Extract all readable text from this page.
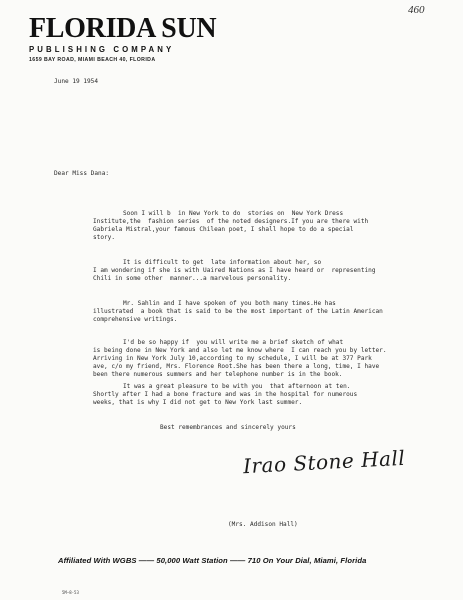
FLORIDA SUN
PUBLISHING COMPANY
1659 BAY ROAD, MIAMI BEACH 40, FLORIDA
460
June 19 1954
Dear Miss Dana:
Soon I will b  in New York to do  stories on  New York Dress
Institute,the  fashion series  of the noted designers.If you are there with
Gabriela Mistral,your famous Chilean poet, I shall hope to do a special
story.
It is difficult to get  late information about her, so
I am wondering if she is with Uaired Nations as I have heard or  representing
Chili in some other  manner...a marvelous personality.
Mr. Sahlin and I have spoken of you both many times.He has
illustrated  a book that is said to be the most important of the Latin American
comprehensive writings.
I'd be so happy if  you will write me a brief sketch of what
is being done in New York and also let me know where  I can reach you by letter.
Arriving in New York July 10,according to my schedule, I will be at 377 Park
ave, c/o my friend, Mrs. Florence Root.She has been there a long, time, I have
been there numerous summers and her telephone number is in the book.
It was a great pleasure to be with you  that afternoon at ten.
Shortly after I had a bone fracture and was in the hospital for numerous
weeks, that is why I did not get to New York last summer.
Best remembrances and sincerely yours
Irao Stone Hall
(Mrs. Addison Hall)
Affiliated With WGBS —— 50,000 Watt Station —— 710 On Your Dial, Miami, Florida
5M—8-53
